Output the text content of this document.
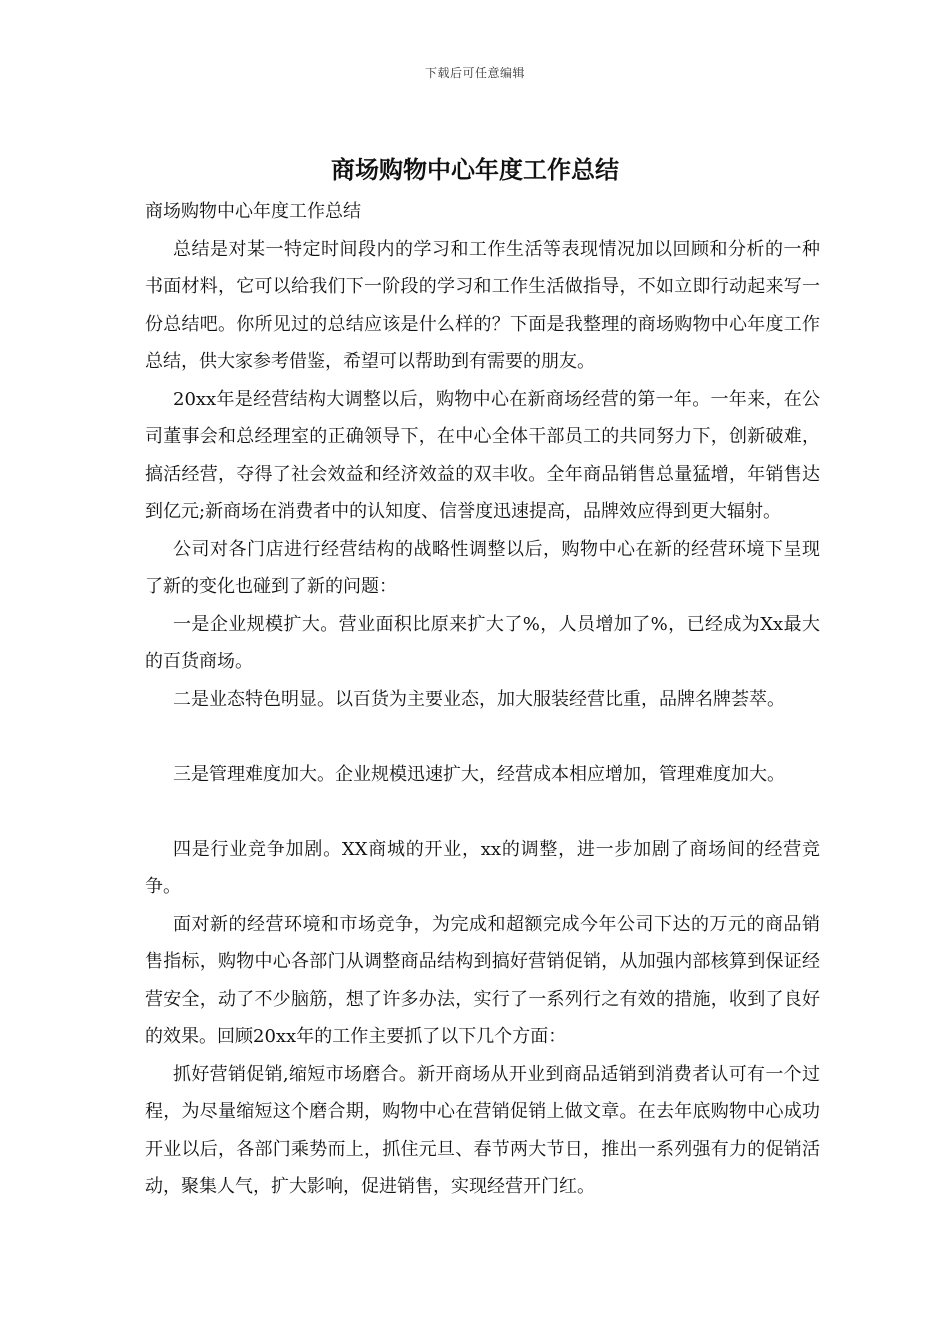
下载后可任意编辑
商场购物中心年度工作总结

商场购物中心年度工作总结

总结是对某一特定时间段内的学习和工作生活等表现情况加以回顾和分析的一种书面材料，它可以给我们下一阶段的学习和工作生活做指导，不如立即行动起来写一份总结吧。你所见过的总结应该是什么样的？下面是我整理的商场购物中心年度工作总结，供大家参考借鉴，希望可以帮助到有需要的朋友。

20xx年是经营结构大调整以后，购物中心在新商场经营的第一年。一年来，在公司董事会和总经理室的正确领导下，在中心全体干部员工的共同努力下，创新破难，搞活经营，夺得了社会效益和经济效益的双丰收。全年商品销售总量猛增，年销售达到亿元;新商场在消费者中的认知度、信誉度迅速提高，品牌效应得到更大辐射。

公司对各门店进行经营结构的战略性调整以后，购物中心在新的经营环境下呈现了新的变化也碰到了新的问题：

一是企业规模扩大。营业面积比原来扩大了%，人员增加了%，已经成为Xx最大的百货商场。

二是业态特色明显。以百货为主要业态，加大服装经营比重，品牌名牌荟萃。

三是管理难度加大。企业规模迅速扩大，经营成本相应增加，管理难度加大。

四是行业竞争加剧。XX商城的开业，xx的调整，进一步加剧了商场间的经营竞争。

面对新的经营环境和市场竞争，为完成和超额完成今年公司下达的万元的商品销售指标，购物中心各部门从调整商品结构到搞好营销促销，从加强内部核算到保证经营安全，动了不少脑筋，想了许多办法，实行了一系列行之有效的措施，收到了良好的效果。回顾20xx年的工作主要抓了以下几个方面：

抓好营销促销,缩短市场磨合。新开商场从开业到商品适销到消费者认可有一个过程，为尽量缩短这个磨合期，购物中心在营销促销上做文章。在去年底购物中心成功开业以后，各部门乘势而上，抓住元旦、春节两大节日，推出一系列强有力的促销活动，聚集人气，扩大影响，促进销售，实现经营开门红。
